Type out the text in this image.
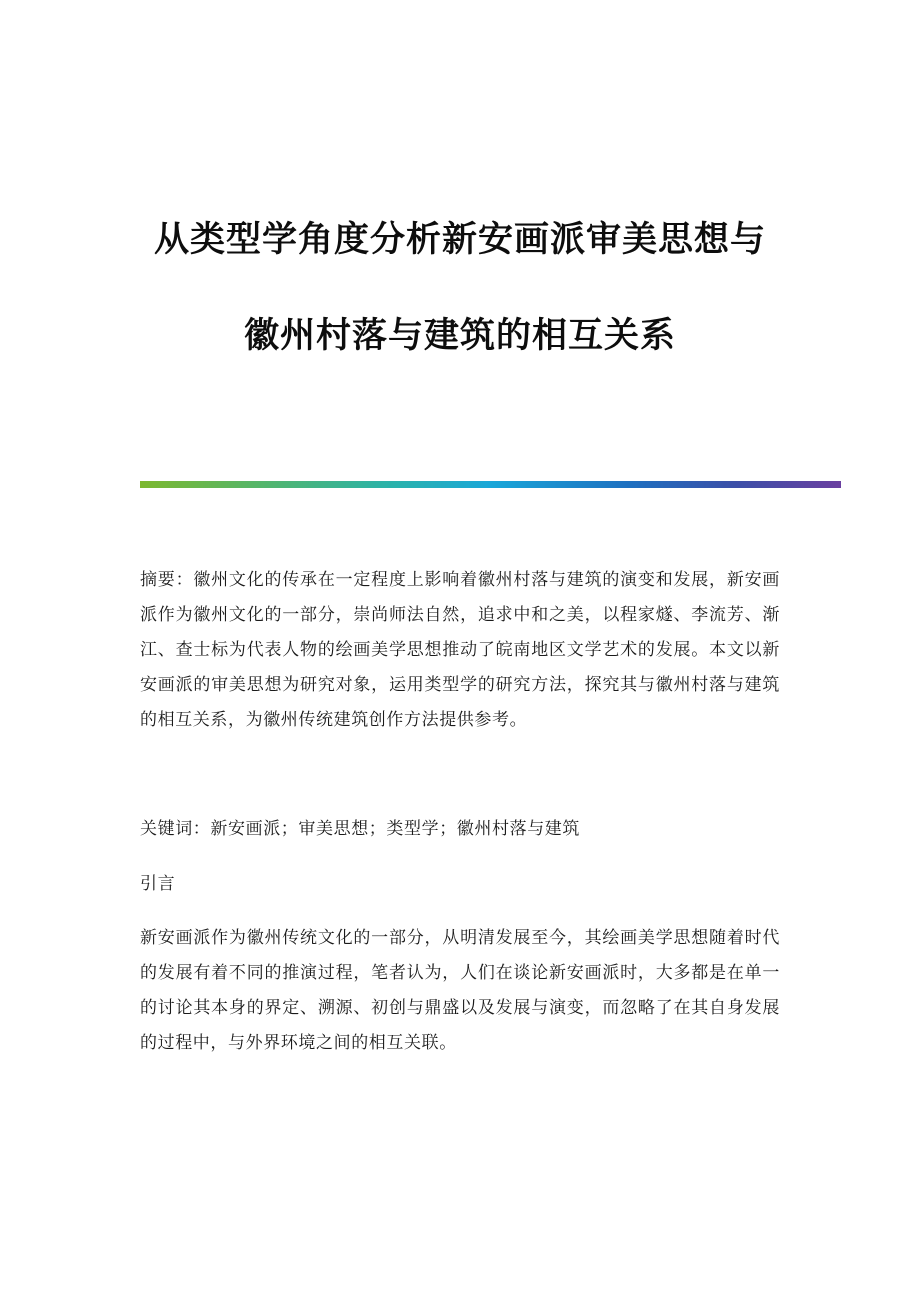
从类型学角度分析新安画派审美思想与
徽州村落与建筑的相互关系

摘要：徽州文化的传承在一定程度上影响着徽州村落与建筑的演变和发展，新安画派作为徽州文化的一部分，崇尚师法自然，追求中和之美，以程家燧、李流芳、渐江、查士标为代表人物的绘画美学思想推动了皖南地区文学艺术的发展。本文以新安画派的审美思想为研究对象，运用类型学的研究方法，探究其与徽州村落与建筑的相互关系，为徽州传统建筑创作方法提供参考。

关键词：新安画派；审美思想；类型学；徽州村落与建筑

引言

新安画派作为徽州传统文化的一部分，从明清发展至今，其绘画美学思想随着时代的发展有着不同的推演过程，笔者认为，人们在谈论新安画派时，大多都是在单一的讨论其本身的界定、溯源、初创与鼎盛以及发展与演变，而忽略了在其自身发展的过程中，与外界环境之间的相互关联。
